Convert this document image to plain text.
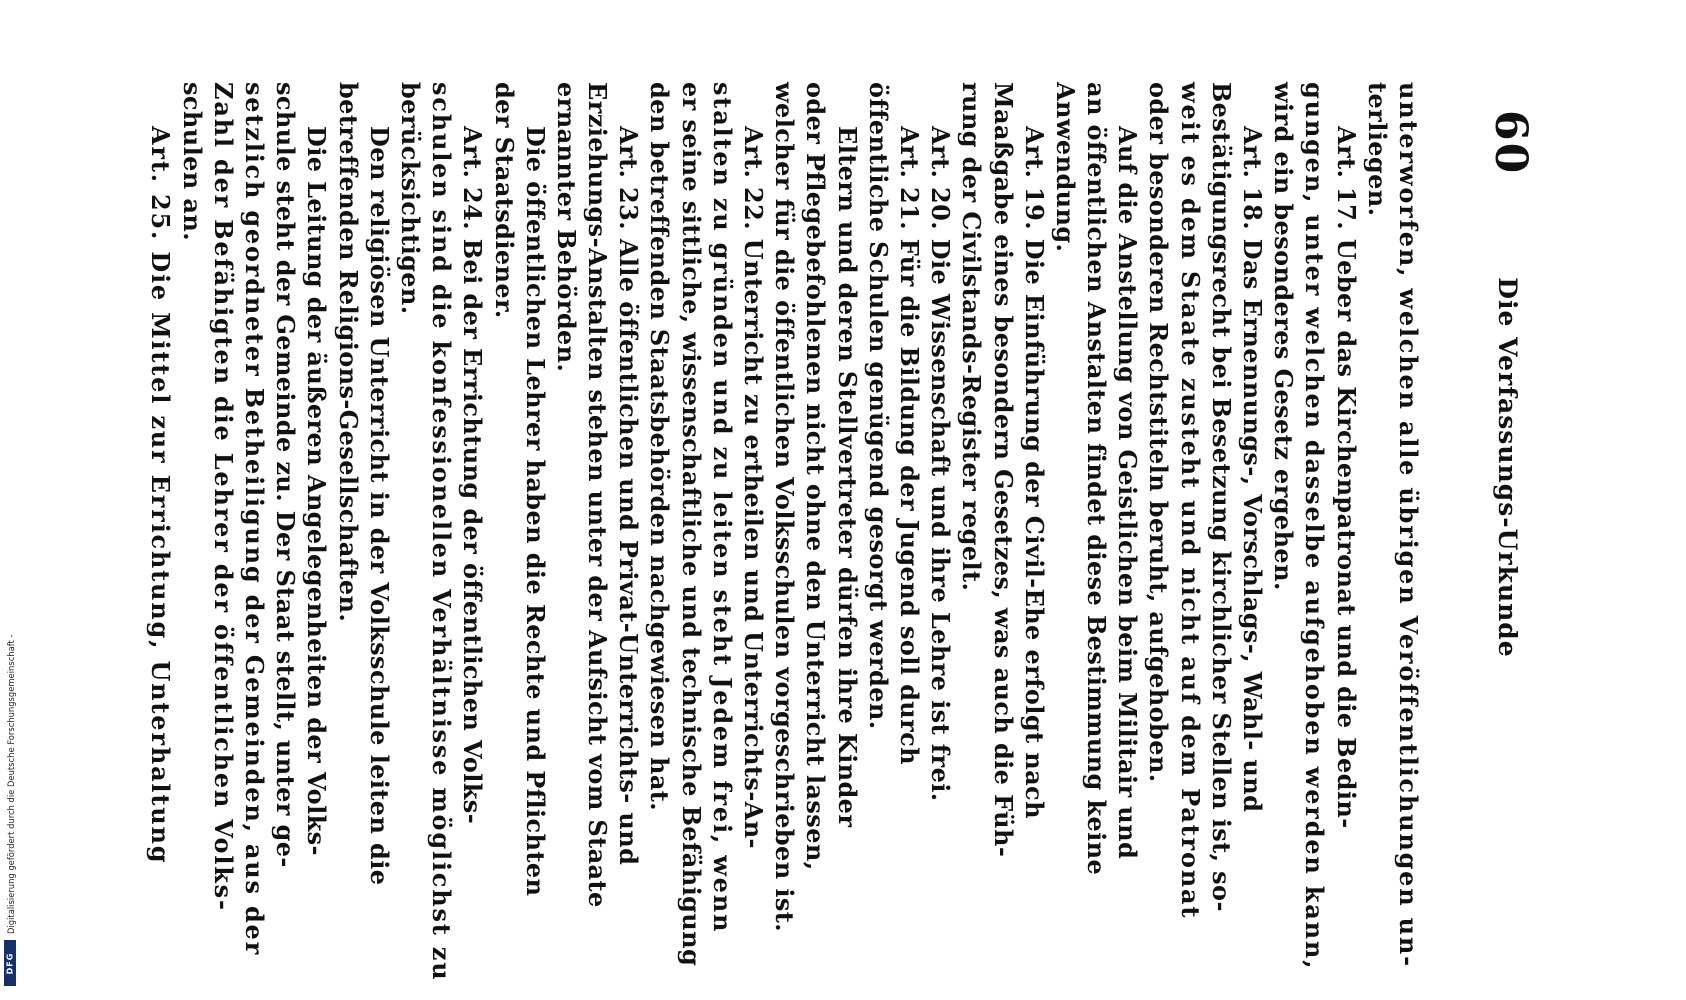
60
Die Verfassungs-Urkunde
unterworfen, welchen alle übrigen Veröffentlichungen un-
terliegen.
Art. 17. Ueber das Kirchenpatronat und die Bedin-
gungen, unter welchen dasselbe aufgehoben werden kann,
wird ein besonderes Gesetz ergehen.
Art. 18. Das Ernennungs-, Vorschlags-, Wahl- und
Bestätigungsrecht bei Besetzung kirchlicher Stellen ist, so-
weit es dem Staate zusteht und nicht auf dem Patronat
oder besonderen Rechtstiteln beruht, aufgehoben.
Auf die Anstellung von Geistlichen beim Militair und
an öffentlichen Anstalten findet diese Bestimmung keine
Anwendung.
Art. 19. Die Einführung der Civil-Ehe erfolgt nach
Maaßgabe eines besondern Gesetzes, was auch die Füh-
rung der Civilstands-Register regelt.
Art. 20. Die Wissenschaft und ihre Lehre ist frei.
Art. 21. Für die Bildung der Jugend soll durch
öffentliche Schulen genügend gesorgt werden.
Eltern und deren Stellvertreter dürfen ihre Kinder
oder Pflegebefohlenen nicht ohne den Unterricht lassen,
welcher für die öffentlichen Volksschulen vorgeschrieben ist.
Art. 22. Unterricht zu ertheilen und Unterrichts-An-
stalten zu gründen und zu leiten steht Jedem frei, wenn
er seine sittliche, wissenschaftliche und technische Befähigung
den betreffenden Staatsbehörden nachgewiesen hat.
Art. 23. Alle öffentlichen und Privat-Unterrichts- und
Erziehungs-Anstalten stehen unter der Aufsicht vom Staate
ernannter Behörden.
Die öffentlichen Lehrer haben die Rechte und Pflichten
der Staatsdiener.
Art. 24. Bei der Errichtung der öffentlichen Volks-
schulen sind die konfessionellen Verhältnisse möglichst zu
berücksichtigen.
Den religiösen Unterricht in der Volksschule leiten die
betreffenden Religions-Gesellschaften.
Die Leitung der äußeren Angelegenheiten der Volks-
schule steht der Gemeinde zu. Der Staat stellt, unter ge-
setzlich geordneter Betheiligung der Gemeinden, aus der
Zahl der Befähigten die Lehrer der öffentlichen Volks-
schulen an.
Art. 25. Die Mittel zur Errichtung, Unterhaltung
Digitalisierung gefördert durch die Deutsche Forschungsgemeinschaft -
DFG
